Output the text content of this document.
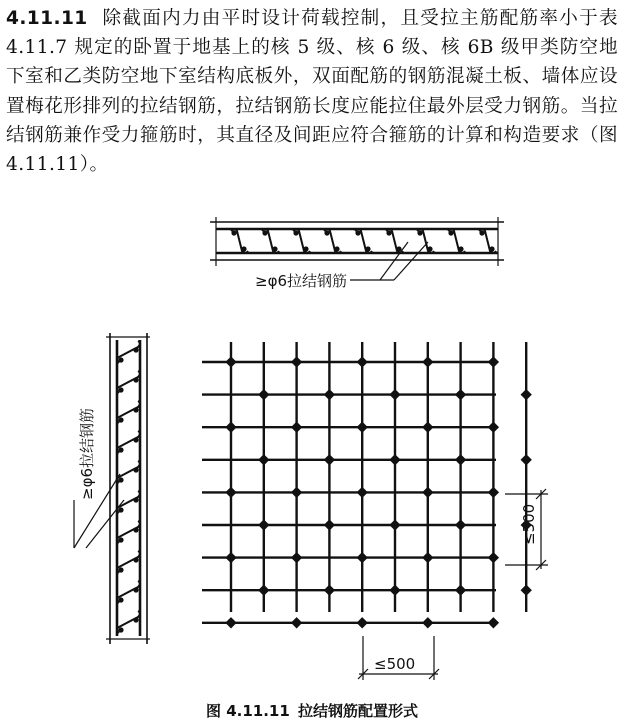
4.11.11 除截面内力由平时设计荷载控制，且受拉主筋配筋率小于表 4.11.7 规定的卧置于地基上的核 5 级、核 6 级、核 6B 级甲类防空地下室和乙类防空地下室结构底板外，双面配筋的钢筋混凝土板、墙体应设置梅花形排列的拉结钢筋，拉结钢筋长度应能拉住最外层受力钢筋。当拉结钢筋兼作受力箍筋时，其直径及间距应符合箍筋的计算和构造要求（图 4.11.11）。

≥φ6拉结钢筋
≥φ6拉结钢筋
≤500
≤500
图 4.11.11 拉结钢筋配置形式
